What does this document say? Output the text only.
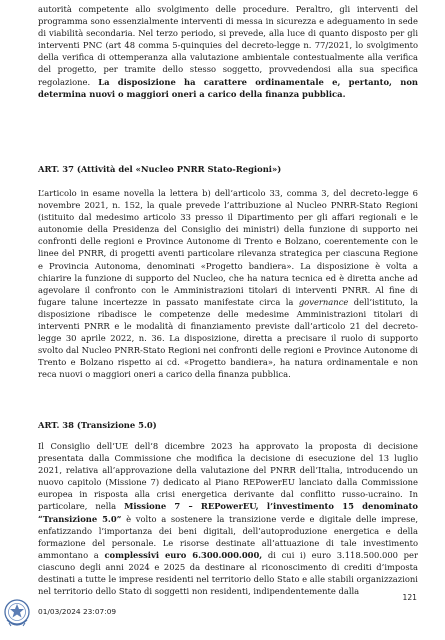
autorità competente allo svolgimento delle procedure. Peraltro, gli interventi del programma sono essenzialmente interventi di messa in sicurezza e adeguamento in sede di viabilità secondaria. Nel terzo periodo, si prevede, alla luce di quanto disposto per gli interventi PNC (art 48 comma 5-quinquies del decreto-legge n. 77/2021, lo svolgimento della verifica di ottemperanza alla valutazione ambientale contestualmente alla verifica del progetto, per tramite dello stesso soggetto, provvedendosi alla sua specifica regolazione. La disposizione ha carattere ordinamentale e, pertanto, non determina nuovi o maggiori oneri a carico della finanza pubblica.
ART. 37 (Attività del «Nucleo PNRR Stato-Regioni»)
L’articolo in esame novella la lettera b) dell’articolo 33, comma 3, del decreto-legge 6 novembre 2021, n. 152, la quale prevede l’attribuzione al Nucleo PNRR-Stato Regioni (istituito dal medesimo articolo 33 presso il Dipartimento per gli affari regionali e le autonomie della Presidenza del Consiglio dei ministri) della funzione di supporto nei confronti delle regioni e Province Autonome di Trento e Bolzano, coerentemente con le linee del PNRR, di progetti aventi particolare rilevanza strategica per ciascuna Regione e Provincia Autonoma, denominati «Progetto bandiera». La disposizione è volta a chiarire la funzione di supporto del Nucleo, che ha natura tecnica ed è diretta anche ad agevolare il confronto con le Amministrazioni titolari di interventi PNRR. Al fine di fugare talune incertezze in passato manifestate circa la governance dell’istituto, la disposizione ribadisce le competenze delle medesime Amministrazioni titolari di interventi PNRR e le modalità di finanziamento previste dall’articolo 21 del decreto-legge 30 aprile 2022, n. 36. La disposizione, diretta a precisare il ruolo di supporto svolto dal Nucleo PNRR-Stato Regioni nei confronti delle regioni e Province Autonome di Trento e Bolzano rispetto ai cd. «Progetto bandiera», ha natura ordinamentale e non reca nuovi o maggiori oneri a carico della finanza pubblica.
ART. 38 (Transizione 5.0)
Il Consiglio dell’UE dell’8 dicembre 2023 ha approvato la proposta di decisione presentata dalla Commissione che modifica la decisione di esecuzione del 13 luglio 2021, relativa all’approvazione della valutazione del PNRR dell’Italia, introducendo un nuovo capitolo (Missione 7) dedicato al Piano REPowerEU lanciato dalla Commissione europea in risposta alla crisi energetica derivante dal conflitto russo-ucraino. In particolare, nella Missione 7 – REPowerEU, l’investimento 15 denominato “Transizione 5.0” è volto a sostenere la transizione verde e digitale delle imprese, enfatizzando l’importanza dei beni digitali, dell’autoproduzione energetica e della formazione del personale. Le risorse destinate all’attuazione di tale investimento ammontano a complessivi euro 6.300.000.000, di cui i) euro 3.118.500.000 per ciascuno degli anni 2024 e 2025 da destinare al riconoscimento di crediti d’imposta destinati a tutte le imprese residenti nel territorio dello Stato e alle stabili organizzazioni nel territorio dello Stato di soggetti non residenti, indipendentemente dalla
121
01/03/2024 23:07:09
